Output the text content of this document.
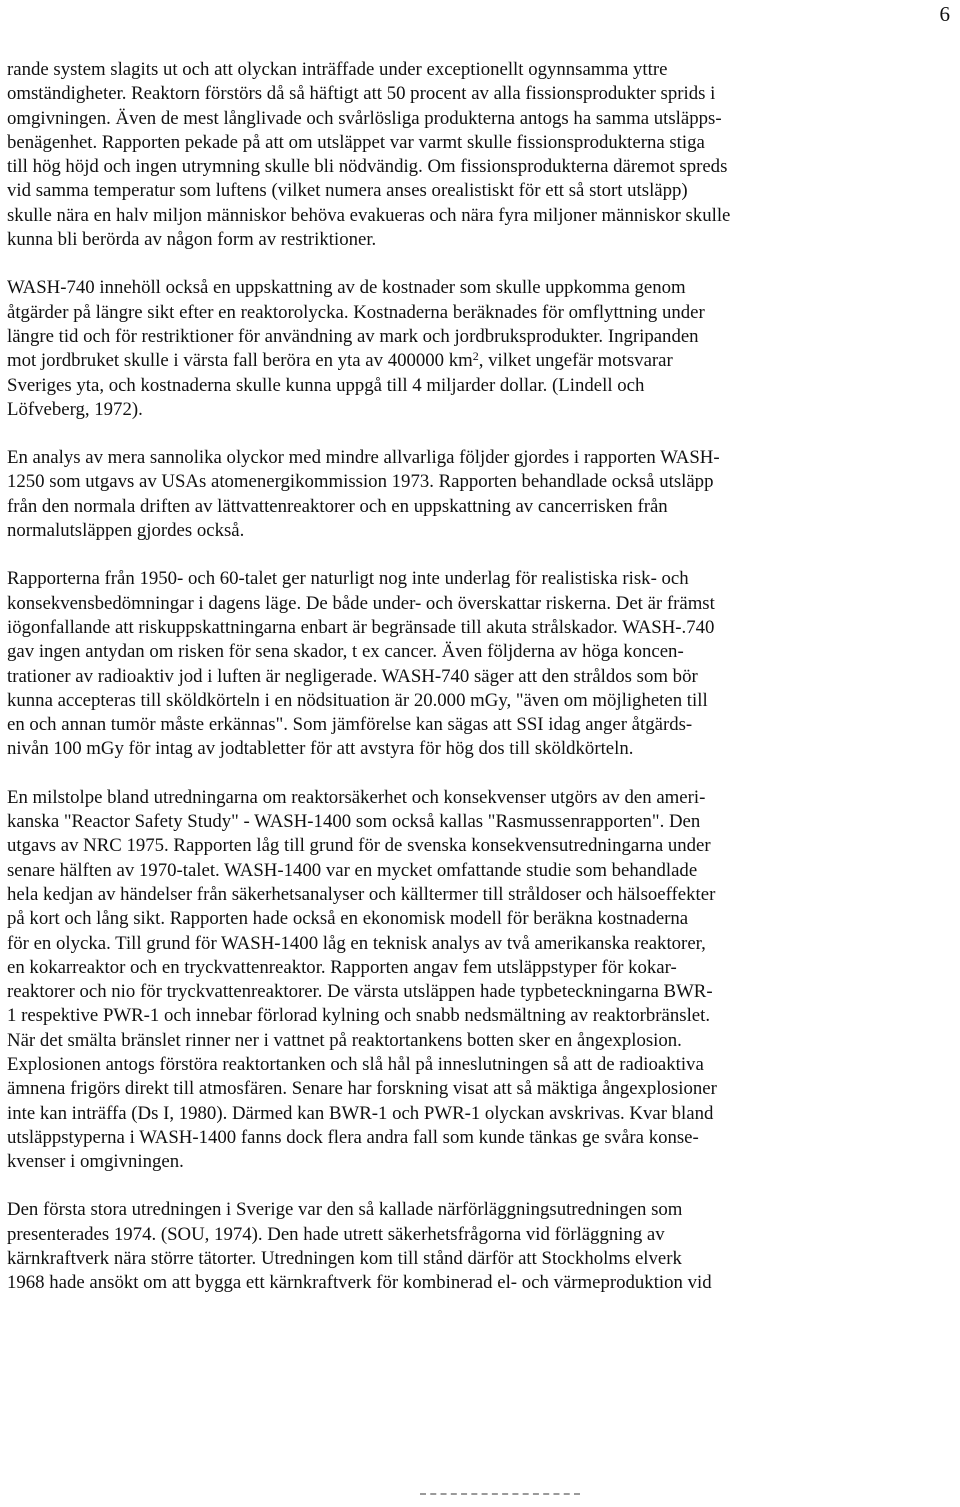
6

rande system slagits ut och att olyckan inträffade under exceptionellt ogynnsamma yttre
omständigheter. Reaktorn förstörs då så häftigt att 50 procent av alla fissionsprodukter sprids i
omgivningen. Även de mest långlivade och svårlösliga produkterna antogs ha samma utsläpps-
benägenhet. Rapporten pekade på att om utsläppet var varmt skulle fissionsprodukterna stiga
till hög höjd och ingen utrymning skulle bli nödvändig. Om fissionsprodukterna däremot spreds
vid samma temperatur som luftens (vilket numera anses orealistiskt för ett så stort utsläpp)
skulle nära en halv miljon människor behöva evakueras och nära fyra miljoner människor skulle
kunna bli berörda av någon form av restriktioner.

WASH-740 innehöll också en uppskattning av de kostnader som skulle uppkomma genom
åtgärder på längre sikt efter en reaktorolycka. Kostnaderna beräknades för omflyttning under
längre tid och för restriktioner för användning av mark och jordbruksprodukter. Ingripanden
mot jordbruket skulle i värsta fall beröra en yta av 400000 $km^2$, vilket ungefär motsvarar
Sveriges yta, och kostnaderna skulle kunna uppgå till 4 miljarder dollar. (Lindell och
Löfveberg, 1972).

En analys av mera sannolika olyckor med mindre allvarliga följder gjordes i rapporten WASH-
1250 som utgavs av USAs atomenergikommission 1973. Rapporten behandlade också utsläpp
från den normala driften av lättvattenreaktorer och en uppskattning av cancerrisken från
normalutsläppen gjordes också.

Rapporterna från 1950- och 60-talet ger naturligt nog inte underlag för realistiska risk- och
konsekvensbedömningar i dagens läge. De både under- och överskattar riskerna. Det är främst
iögonfallande att riskuppskattningarna enbart är begränsade till akuta strålskador. WASH-.740
gav ingen antydan om risken för sena skador, t ex cancer. Även följderna av höga koncen-
trationer av radioaktiv jod i luften är negligerade. WASH-740 säger att den stråldos som bör
kunna accepteras till sköldkörteln i en nödsituation är 20.000 mGy, "även om möjligheten till
en och annan tumör måste erkännas". Som jämförelse kan sägas att SSI idag anger åtgärds-
nivån 100 mGy för intag av jodtabletter för att avstyra för hög dos till sköldkörteln.

En milstolpe bland utredningarna om reaktorsäkerhet och konsekvenser utgörs av den ameri-
kanska "Reactor Safety Study" - WASH-1400 som också kallas "Rasmussenrapporten". Den
utgavs av NRC 1975. Rapporten låg till grund för de svenska konsekvensutredningarna under
senare hälften av 1970-talet. WASH-1400 var en mycket omfattande studie som behandlade
hela kedjan av händelser från säkerhetsanalyser och källtermer till stråldoser och hälsoeffekter
på kort och lång sikt. Rapporten hade också en ekonomisk modell för beräkna kostnaderna
för en olycka. Till grund för WASH-1400 låg en teknisk analys av två amerikanska reaktorer,
en kokarreaktor och en tryckvattenreaktor. Rapporten angav fem utsläppstyper för kokar-
reaktorer och nio för tryckvattenreaktorer. De värsta utsläppen hade typbeteckningarna BWR-
1 respektive PWR-1 och innebar förlorad kylning och snabb nedsmältning av reaktorbränslet.
När det smälta bränslet rinner ner i vattnet på reaktortankens botten sker en ångexplosion.
Explosionen antogs förstöra reaktortanken och slå hål på inneslutningen så att de radioaktiva
ämnena frigörs direkt till atmosfären. Senare har forskning visat att så mäktiga ångexplosioner
inte kan inträffa (Ds I, 1980). Därmed kan BWR-1 och PWR-1 olyckan avskrivas. Kvar bland
utsläppstyperna i WASH-1400 fanns dock flera andra fall som kunde tänkas ge svåra konse-
kvenser i omgivningen.

Den första stora utredningen i Sverige var den så kallade närförläggningsutredningen som
presenterades 1974. (SOU, 1974). Den hade utrett säkerhetsfrågorna vid förläggning av
kärnkraftverk nära större tätorter. Utredningen kom till stånd därför att Stockholms elverk
1968 hade ansökt om att bygga ett kärnkraftverk för kombinerad el- och värmeproduktion vid
